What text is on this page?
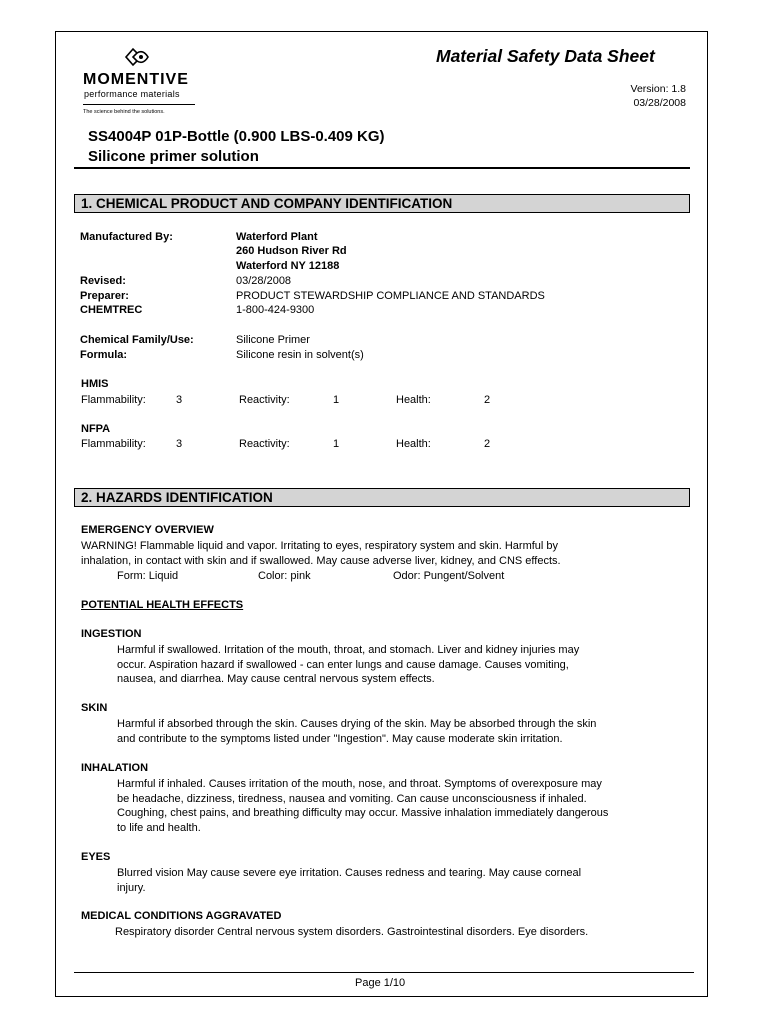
MOMENTIVE
performance materials
The science behind the solutions.
Material Safety Data Sheet
Version: 1.8
03/28/2008
SS4004P 01P-Bottle (0.900 LBS-0.409 KG)
Silicone primer solution
1. CHEMICAL PRODUCT AND COMPANY IDENTIFICATION
Manufactured By:	Waterford Plant
260 Hudson River Rd
Waterford NY 12188
Revised:	03/28/2008
Preparer:	PRODUCT STEWARDSHIP COMPLIANCE AND STANDARDS
CHEMTREC	1-800-424-9300
Chemical Family/Use:	Silicone Primer
Formula:	Silicone resin in solvent(s)
HMIS
Flammability:	3	Reactivity:	1	Health:	2
NFPA
Flammability:	3	Reactivity:	1	Health:	2
2. HAZARDS IDENTIFICATION
EMERGENCY OVERVIEW
WARNING! Flammable liquid and vapor. Irritating to eyes, respiratory system and skin. Harmful by
inhalation, in contact with skin and if swallowed. May cause adverse liver, kidney, and CNS effects.
Form: Liquid	Color: pink	Odor: Pungent/Solvent
POTENTIAL HEALTH EFFECTS
INGESTION
Harmful if swallowed. Irritation of the mouth, throat, and stomach. Liver and kidney injuries may
occur. Aspiration hazard if swallowed - can enter lungs and cause damage. Causes vomiting,
nausea, and diarrhea. May cause central nervous system effects.
SKIN
Harmful if absorbed through the skin. Causes drying of the skin. May be absorbed through the skin
and contribute to the symptoms listed under "Ingestion". May cause moderate skin irritation.
INHALATION
Harmful if inhaled. Causes irritation of the mouth, nose, and throat. Symptoms of overexposure may
be headache, dizziness, tiredness, nausea and vomiting. Can cause unconsciousness if inhaled.
Coughing, chest pains, and breathing difficulty may occur. Massive inhalation immediately dangerous
to life and health.
EYES
Blurred vision May cause severe eye irritation. Causes redness and tearing. May cause corneal
injury.
MEDICAL CONDITIONS AGGRAVATED
Respiratory disorder Central nervous system disorders. Gastrointestinal disorders. Eye disorders.
Page 1/10
